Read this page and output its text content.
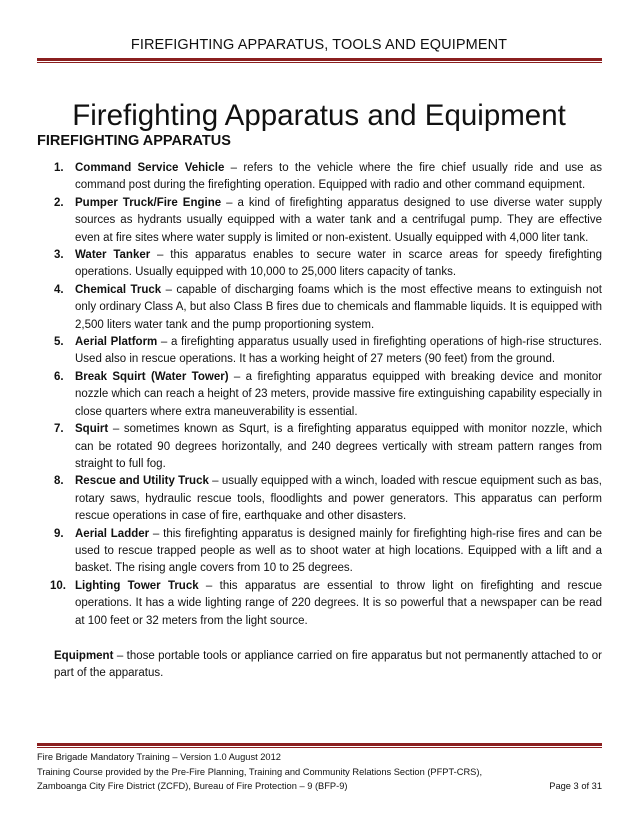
FIREFIGHTING APPARATUS, TOOLS AND EQUIPMENT
Firefighting Apparatus and Equipment
FIREFIGHTING APPARATUS
1. Command Service Vehicle – refers to the vehicle where the fire chief usually ride and use as command post during the firefighting operation. Equipped with radio and other command equipment.
2. Pumper Truck/Fire Engine – a kind of firefighting apparatus designed to use diverse water supply sources as hydrants usually equipped with a water tank and a centrifugal pump. They are effective even at fire sites where water supply is limited or non-existent. Usually equipped with 4,000 liter tank.
3. Water Tanker – this apparatus enables to secure water in scarce areas for speedy firefighting operations. Usually equipped with 10,000 to 25,000 liters capacity of tanks.
4. Chemical Truck – capable of discharging foams which is the most effective means to extinguish not only ordinary Class A, but also Class B fires due to chemicals and flammable liquids. It is equipped with 2,500 liters water tank and the pump proportioning system.
5. Aerial Platform – a firefighting apparatus usually used in firefighting operations of high-rise structures. Used also in rescue operations. It has a working height of 27 meters (90 feet) from the ground.
6. Break Squirt (Water Tower) – a firefighting apparatus equipped with breaking device and monitor nozzle which can reach a height of 23 meters, provide massive fire extinguishing capability especially in close quarters where extra maneuverability is essential.
7. Squirt – sometimes known as Squrt, is a firefighting apparatus equipped with monitor nozzle, which can be rotated 90 degrees horizontally, and 240 degrees vertically with stream pattern ranges from straight to full fog.
8. Rescue and Utility Truck – usually equipped with a winch, loaded with rescue equipment such as bas, rotary saws, hydraulic rescue tools, floodlights and power generators. This apparatus can perform rescue operations in case of fire, earthquake and other disasters.
9. Aerial Ladder – this firefighting apparatus is designed mainly for firefighting high-rise fires and can be used to rescue trapped people as well as to shoot water at high locations. Equipped with a lift and a basket. The rising angle covers from 10 to 25 degrees.
10. Lighting Tower Truck – this apparatus are essential to throw light on firefighting and rescue operations. It has a wide lighting range of 220 degrees. It is so powerful that a newspaper can be read at 100 feet or 32 meters from the light source.

Equipment – those portable tools or appliance carried on fire apparatus but not permanently attached to or part of the apparatus.

Fire Brigade Mandatory Training – Version 1.0 August 2012
Training Course provided by the Pre-Fire Planning, Training and Community Relations Section (PFPT-CRS),
Zamboanga City Fire District (ZCFD), Bureau of Fire Protection – 9 (BFP-9)	Page 3 of 31
